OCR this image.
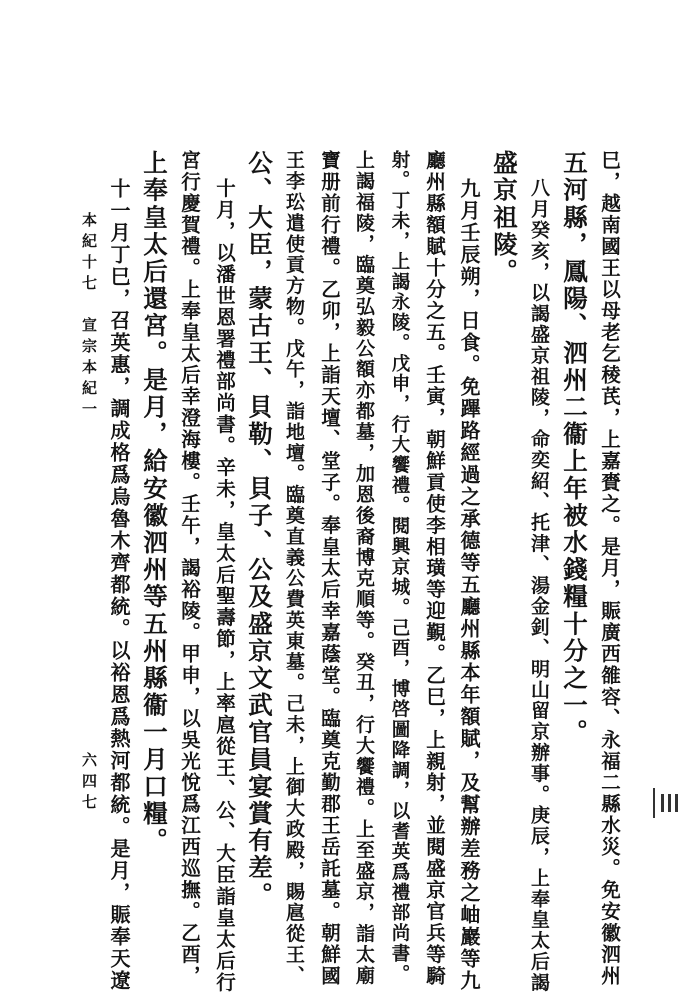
巳，越南國王以母老乞稜芪，上嘉賚之。是月，賑廣西雒容、永福二縣水災。免安徽泗州
五河縣，鳳陽、泗州二衞上年被水錢糧十分之一。
八月癸亥，以謁盛京祖陵，命奕紹、托津、湯金釗、明山留京辦事。庚辰，上奉皇太后謁
盛京祖陵。
九月壬辰朔，日食。免蹕路經過之承德等五廳州縣本年額賦，及幫辦差務之岫巖等九
廳州縣額賦十分之五。壬寅，朝鮮貢使李相璜等迎覲。乙巳，上親射，並閱盛京官兵等騎
射。丁未，上謁永陵。戊申，行大饗禮。閱興京城。己酉，博啓圖降調，以耆英爲禮部尚書。
上謁福陵，臨奠弘毅公額亦都墓，加恩後裔博克順等。癸丑，行大饗禮。上至盛京，詣太廟
寶册前行禮。乙卯，上詣天壇、堂子。奉皇太后幸嘉蔭堂。臨奠克勤郡王岳託墓。朝鮮國
王李玜遣使貢方物。戊午，詣地壇。臨奠直義公費英東墓。己未，上御大政殿，賜扈從王、
公、大臣，蒙古王、貝勒、貝子、公及盛京文武官員宴賞有差。
十月，以潘世恩署禮部尚書。辛未，皇太后聖壽節，上率扈從王、公、大臣詣皇太后行
宮行慶賀禮。上奉皇太后幸澄海樓。壬午，謁裕陵。甲申，以吳光悅爲江西巡撫。乙酉，
上奉皇太后還宮。是月，給安徽泗州等五州縣衞一月口糧。
十一月丁巳，召英惠，調成格爲烏魯木齊都統。以裕恩爲熱河都統。是月，賑奉天遼
本紀十七　宣宗本紀一
六四七
